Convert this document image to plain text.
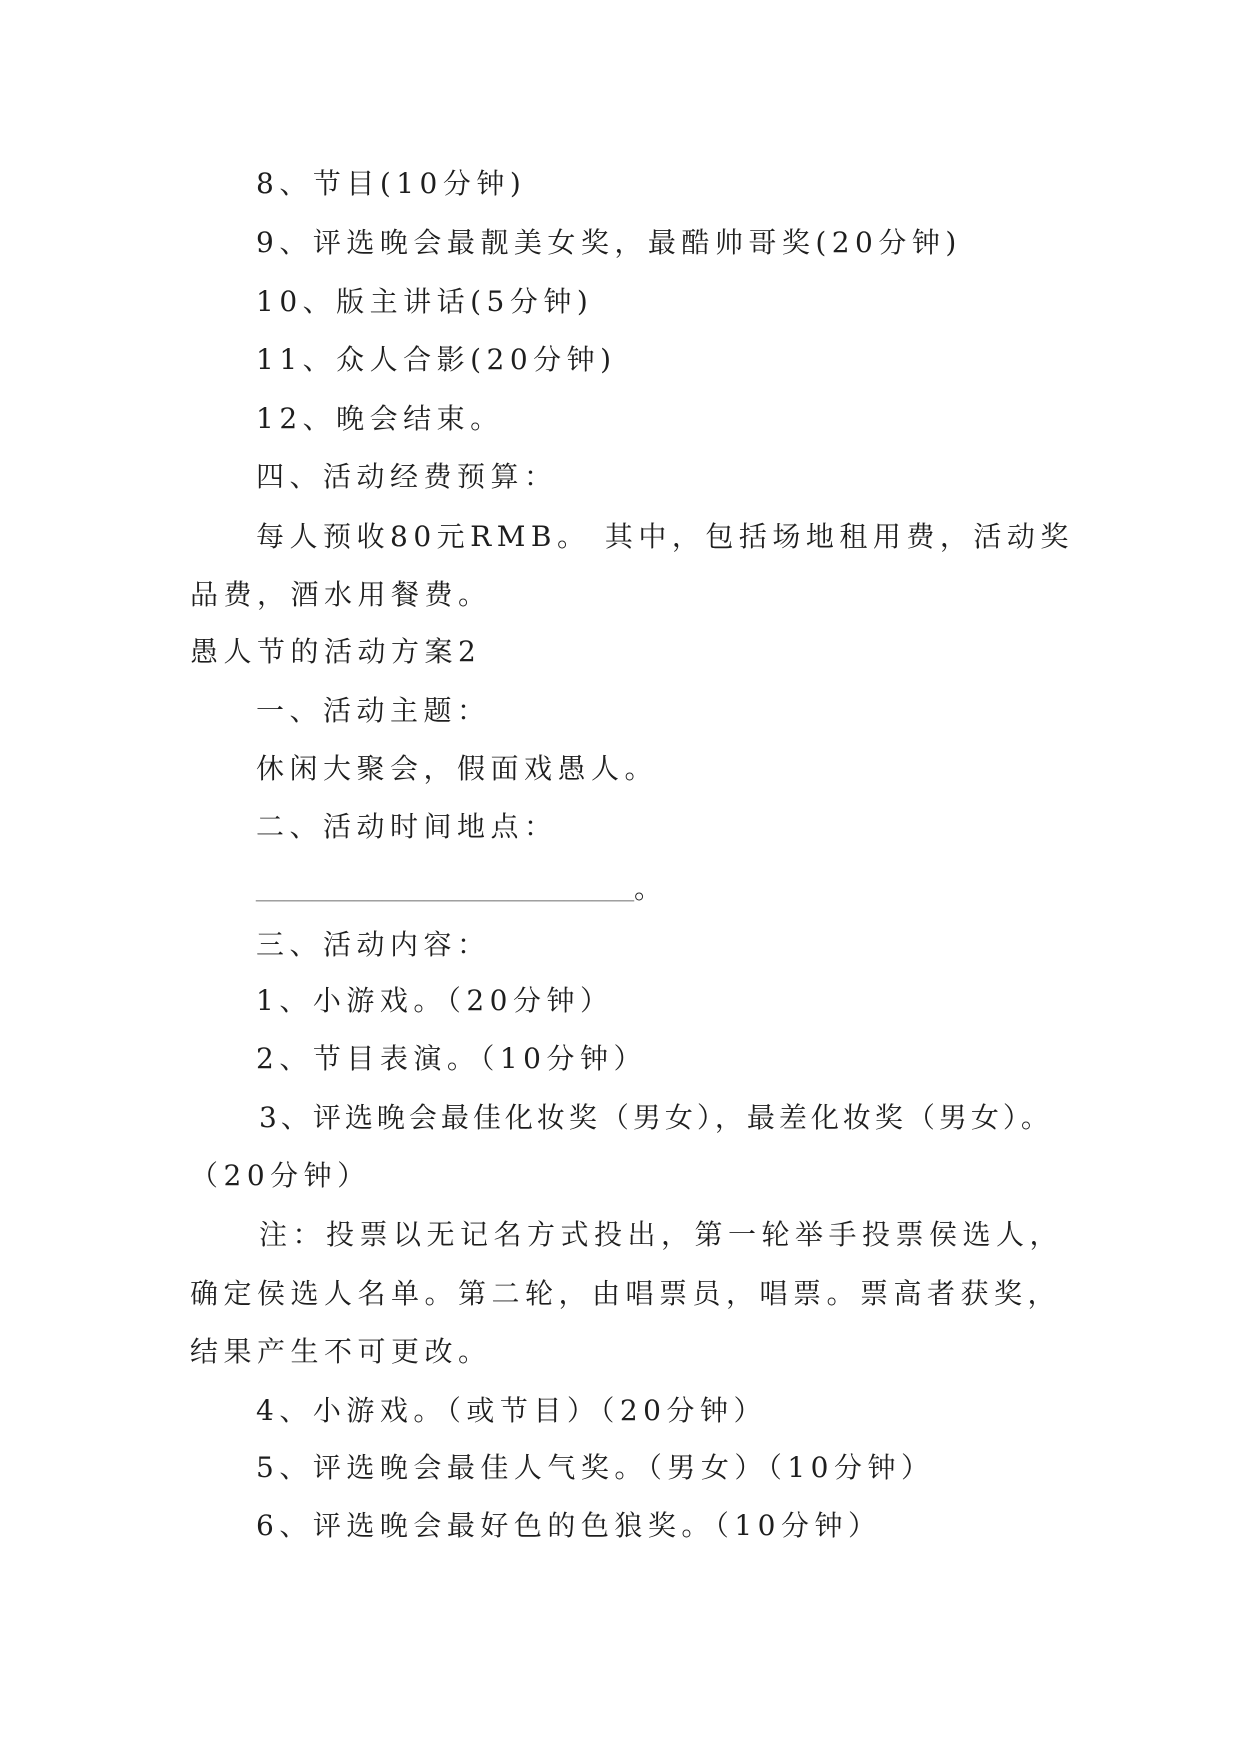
8、节目(10分钟)
9、评选晚会最靓美女奖，最酷帅哥奖(20分钟)
10、版主讲话(5分钟)
11、众人合影(20分钟)
12、晚会结束。
四、活动经费预算：
每人预收80元RMB。 其中，包括场地租用费，活动奖
品费，酒水用餐费。
愚人节的活动方案2
一、活动主题：
休闲大聚会，假面戏愚人。
二、活动时间地点：
___________________________。
三、活动内容：
1、小游戏。（20分钟）
2、节目表演。（10分钟）
3、评选晚会最佳化妆奖（男女），最差化妆奖（男女）。
（20分钟）
注：投票以无记名方式投出，第一轮举手投票侯选人，
确定侯选人名单。第二轮，由唱票员，唱票。票高者获奖，
结果产生不可更改。
4、小游戏。（或节目）（20分钟）
5、评选晚会最佳人气奖。（男女）（10分钟）
6、评选晚会最好色的色狼奖。（10分钟）
